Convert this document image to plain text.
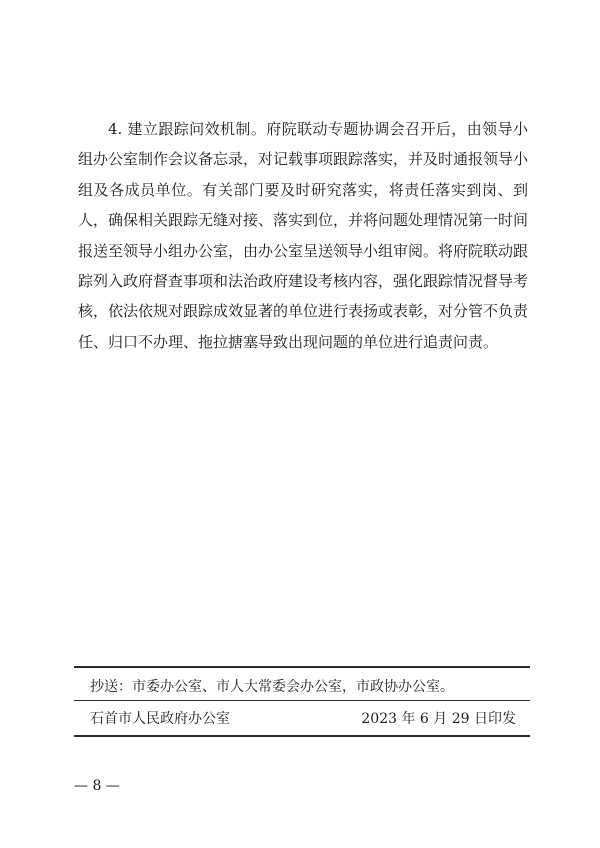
4. 建立跟踪问效机制。府院联动专题协调会召开后，由领导小组办公室制作会议备忘录，对记载事项跟踪落实，并及时通报领导小组及各成员单位。有关部门要及时研究落实，将责任落实到岗、到人，确保相关跟踪无缝对接、落实到位，并将问题处理情况第一时间报送至领导小组办公室，由办公室呈送领导小组审阅。将府院联动跟踪列入政府督查事项和法治政府建设考核内容，强化跟踪情况督导考核，依法依规对跟踪成效显著的单位进行表扬或表彰，对分管不负责任、归口不办理、拖拉搪塞导致出现问题的单位进行追责问责。

抄送：市委办公室、市人大常委会办公室，市政协办公室。
石首市人民政府办公室	2023 年 6 月 29 日印发
— 8 —
